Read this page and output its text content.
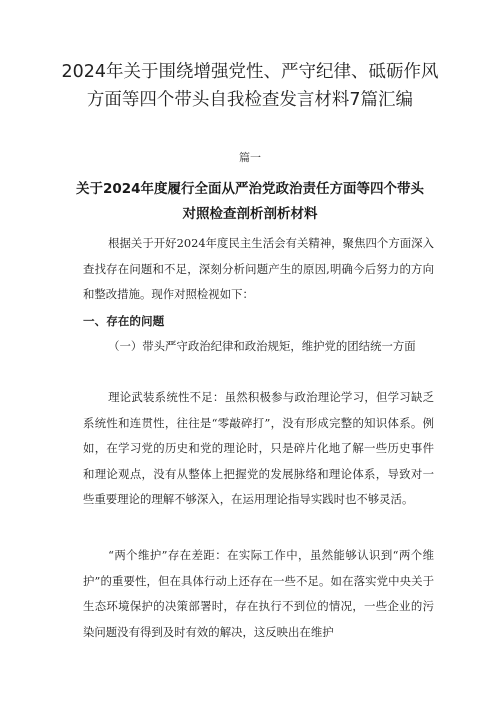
2024年关于围绕增强党性、严守纪律、砥砺作风方面等四个带头自我检查发言材料7篇汇编
篇一
关于2024年度履行全面从严治党政治责任方面等四个带头对照检查剖析剖析材料
根据关于开好2024年度民主生活会有关精神，聚焦四个方面深入查找存在问题和不足，深刻分析问题产生的原因,明确今后努力的方向和整改措施。现作对照检视如下：
一、存在的问题
（一）带头严守政治纪律和政治规矩，维护党的团结统一方面
理论武装系统性不足：虽然积极参与政治理论学习，但学习缺乏系统性和连贯性，往往是“零敲碎打”，没有形成完整的知识体系。例如，在学习党的历史和党的理论时，只是碎片化地了解一些历史事件和理论观点，没有从整体上把握党的发展脉络和理论体系，导致对一些重要理论的理解不够深入，在运用理论指导实践时也不够灵活。
“两个维护”存在差距：在实际工作中，虽然能够认识到“两个维护”的重要性，但在具体行动上还存在一些不足。如在落实党中央关于生态环境保护的决策部署时，存在执行不到位的情况，一些企业的污染问题没有得到及时有效的解决，这反映出在维护
